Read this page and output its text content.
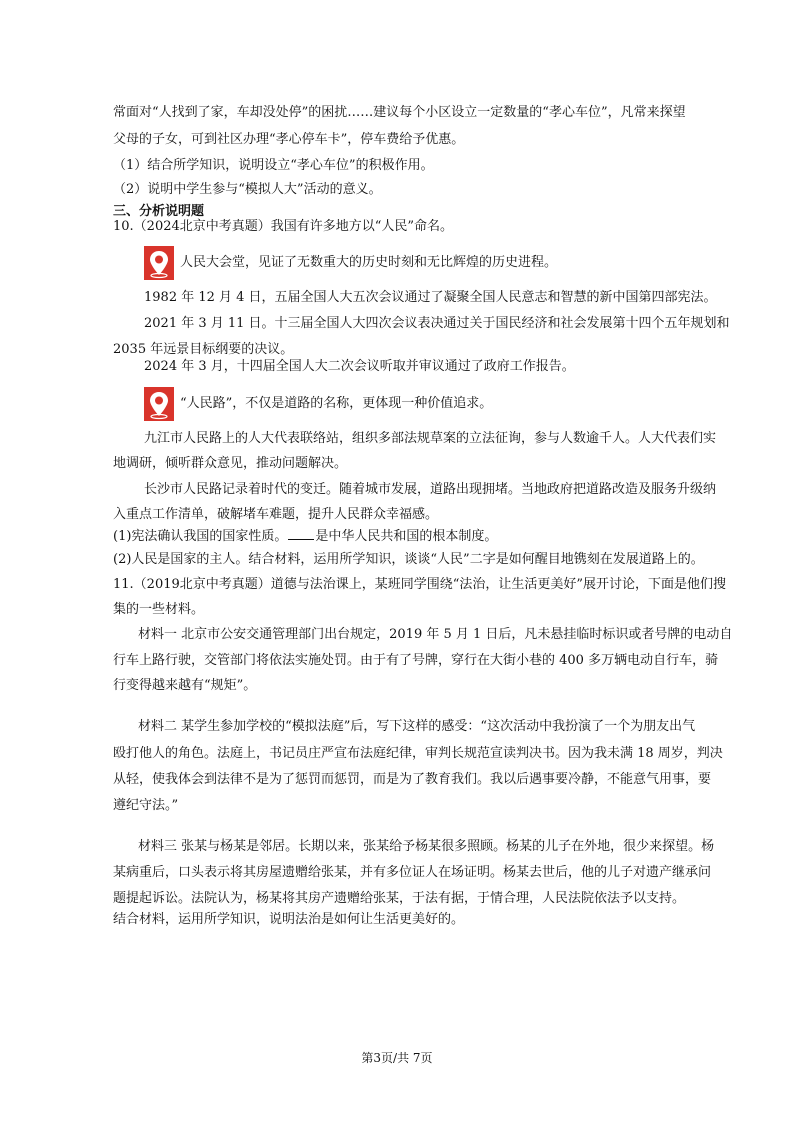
常面对“人找到了家，车却没处停”的困扰……建议每个小区设立一定数量的“孝心车位”，凡常来探望
父母的子女，可到社区办理“孝心停车卡”，停车费给予优惠。
（1）结合所学知识，说明设立“孝心车位”的积极作用。
（2）说明中学生参与“模拟人大”活动的意义。
三、分析说明题
10.（2024北京中考真题）我国有许多地方以“人民”命名。
人民大会堂，见证了无数重大的历史时刻和无比辉煌的历史进程。
1982 年 12 月 4 日，五届全国人大五次会议通过了凝聚全国人民意志和智慧的新中国第四部宪法。
2021 年 3 月 11 日。十三届全国人大四次会议表决通过关于国民经济和社会发展第十四个五年规划和
2035 年远景目标纲要的决议。
2024 年 3 月，十四届全国人大二次会议听取并审议通过了政府工作报告。
“人民路”，不仅是道路的名称，更体现一种价值追求。
九江市人民路上的人大代表联络站，组织多部法规草案的立法征询，参与人数逾千人。人大代表们实
地调研，倾听群众意见，推动问题解决。
长沙市人民路记录着时代的变迁。随着城市发展，道路出现拥堵。当地政府把道路改造及服务升级纳
入重点工作清单，破解堵车难题，提升人民群众幸福感。
(1)宪法确认我国的国家性质。 是中华人民共和国的根本制度。
(2)人民是国家的主人。结合材料，运用所学知识，谈谈“人民”二字是如何醒目地镌刻在发展道路上的。
11.（2019北京中考真题）道德与法治课上，某班同学围绕“法治，让生活更美好”展开讨论，下面是他们搜
集的一些材料。
材料一 北京市公安交通管理部门出台规定，2019 年 5 月 1 日后，凡未悬挂临时标识或者号牌的电动自
行车上路行驶，交管部门将依法实施处罚。由于有了号牌，穿行在大街小巷的 400 多万辆电动自行车，骑
行变得越来越有“规矩”。
材料二 某学生参加学校的“模拟法庭”后，写下这样的感受：“这次活动中我扮演了一个为朋友出气
殴打他人的角色。法庭上，书记员庄严宣布法庭纪律，审判长规范宣读判决书。因为我未满 18 周岁，判决
从轻，使我体会到法律不是为了惩罚而惩罚，而是为了教育我们。我以后遇事要冷静，不能意气用事，要
遵纪守法。”
材料三 张某与杨某是邻居。长期以来，张某给予杨某很多照顾。杨某的儿子在外地，很少来探望。杨
某病重后，口头表示将其房屋遗赠给张某，并有多位证人在场证明。杨某去世后，他的儿子对遗产继承问
题提起诉讼。法院认为，杨某将其房产遗赠给张某，于法有据，于情合理，人民法院依法予以支持。
结合材料，运用所学知识，说明法治是如何让生活更美好的。
第3页/共 7页
